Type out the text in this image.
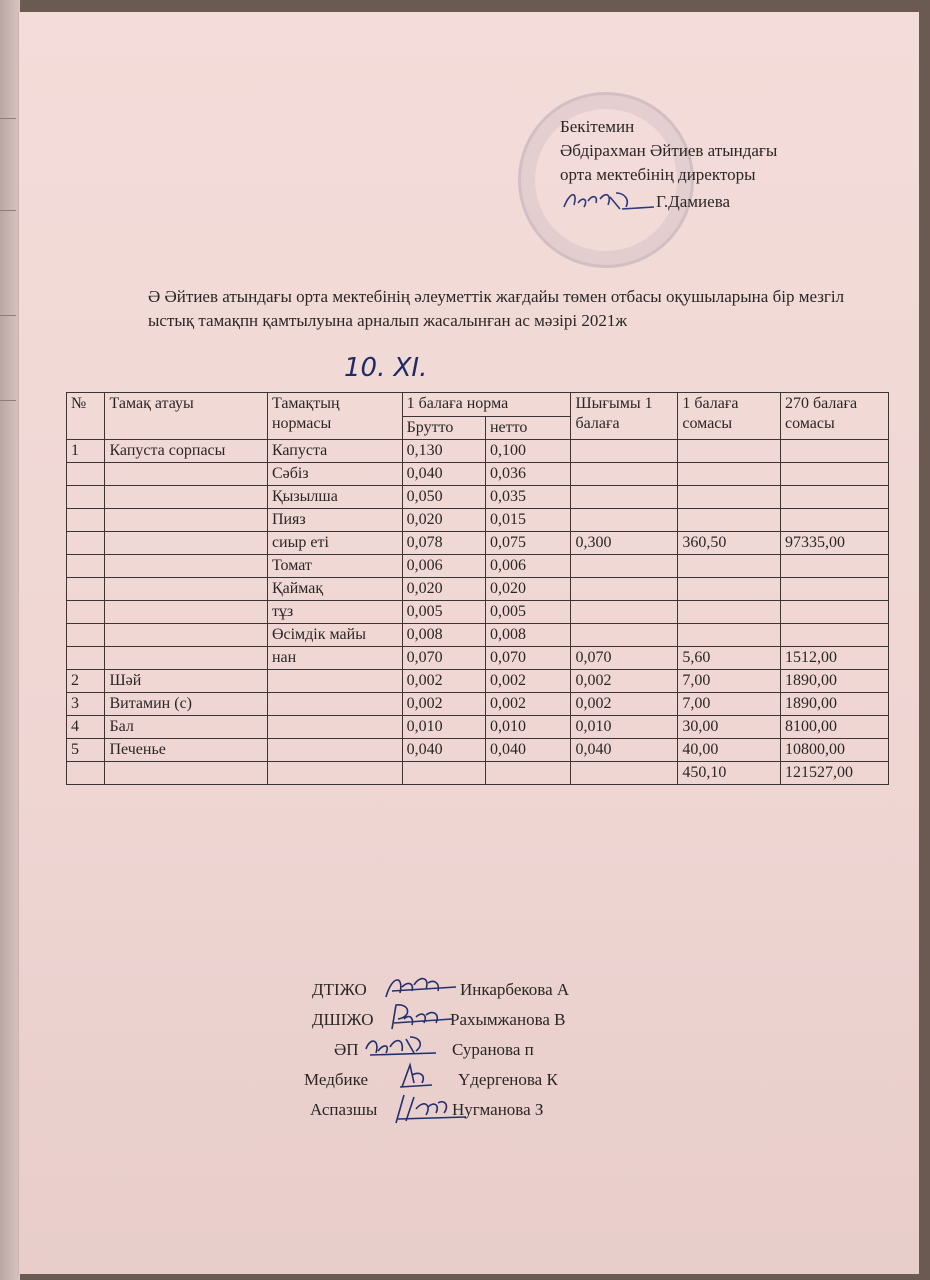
Бекітемин
Әбдірахман Әйтиев атындағы
орта мектебінің директоры
Г.Дамиева
Ә Әйтиев атындағы орта мектебінің әлеуметтік жағдайы төмен отбасы оқушыларына бір мезгіл ыстық тамақпн қамтылуына арналып жасалынған ас мәзірі 2021ж
10. XI.
№	Тамақ атауы	Тамақтың нормасы	1 балаға норма		Шығымы 1 балаға	1 балаға сомасы	270 балаға сомасы
			Брутто	нетто			
1	Капуста сорпасы	Капуста	0,130	0,100			
		Сәбіз	0,040	0,036			
		Қызылша	0,050	0,035			
		Пияз	0,020	0,015			
		сиыр еті	0,078	0,075	0,300	360,50	97335,00
		Томат	0,006	0,006			
		Қаймақ	0,020	0,020			
		тұз	0,005	0,005			
		Өсімдік майы	0,008	0,008			
		нан	0,070	0,070	0,070	5,60	1512,00
2	Шәй		0,002	0,002	0,002	7,00	1890,00
3	Витамин (с)		0,002	0,002	0,002	7,00	1890,00
4	Бал		0,010	0,010	0,010	30,00	8100,00
5	Печенье		0,040	0,040	0,040	40,00	10800,00
						450,10	121527,00
ДТІЖО	Инкарбекова А
ДШІЖО	Рахымжанова В
ӘП	Суранова п
Медбике	Үдергенова К
Аспазшы	Нугманова З
